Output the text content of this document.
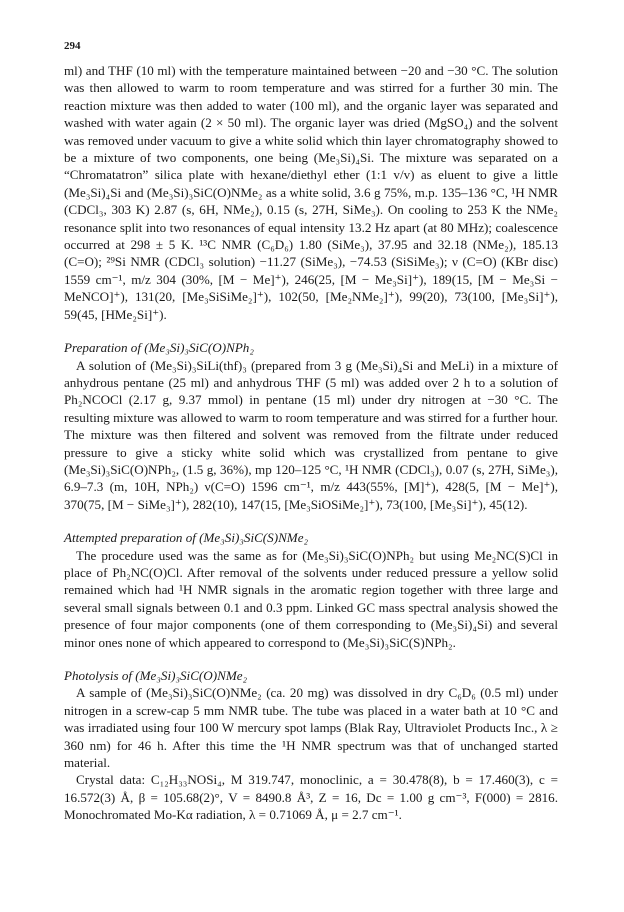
294

ml) and THF (10 ml) with the temperature maintained between −20 and −30 °C. The solution was then allowed to warm to room temperature and was stirred for a further 30 min. The reaction mixture was then added to water (100 ml), and the organic layer was separated and washed with water again (2 × 50 ml). The organic layer was dried (MgSO₄) and the solvent was removed under vacuum to give a white solid which thin layer chromatography showed to be a mixture of two components, one being (Me₃Si)₄Si. The mixture was separated on a “Chromatatron” silica plate with hexane/diethyl ether (1:1 v/v) as eluent to give a little (Me₃Si)₄Si and (Me₃Si)₃SiC(O)NMe₂ as a white solid, 3.6 g 75%, m.p. 135–136 °C, ¹H NMR (CDCl₃, 303 K) 2.87 (s, 6H, NMe₂), 0.15 (s, 27H, SiMe₃). On cooling to 253 K the NMe₂ resonance split into two resonances of equal intensity 13.2 Hz apart (at 80 MHz); coalescence occurred at 298 ± 5 K. ¹³C NMR (C₆D₆) 1.80 (SiMe₃), 37.95 and 32.18 (NMe₂), 185.13 (C=O); ²⁹Si NMR (CDCl₃ solution) −11.27 (SiMe₃), −74.53 (SiSiMe₃); ν (C=O) (KBr disc) 1559 cm⁻¹, m/z 304 (30%, [M − Me]⁺), 246(25, [M − Me₃Si]⁺), 189(15, [M − Me₃Si − MeNCO]⁺), 131(20, [Me₃SiSiMe₂]⁺), 102(50, [Me₂NMe₂]⁺), 99(20), 73(100, [Me₃Si]⁺), 59(45, [HMe₂Si]⁺).

Preparation of (Me₃Si)₃SiC(O)NPh₂

A solution of (Me₃Si)₃SiLi(thf)₃ (prepared from 3 g (Me₃Si)₄Si and MeLi) in a mixture of anhydrous pentane (25 ml) and anhydrous THF (5 ml) was added over 2 h to a solution of Ph₂NCOCl (2.17 g, 9.37 mmol) in pentane (15 ml) under dry nitrogen at −30 °C. The resulting mixture was allowed to warm to room temperature and was stirred for a further hour. The mixture was then filtered and solvent was removed from the filtrate under reduced pressure to give a sticky white solid which was crystallized from pentane to give (Me₃Si)₃SiC(O)NPh₂, (1.5 g, 36%), mp 120–125 °C, ¹H NMR (CDCl₃), 0.07 (s, 27H, SiMe₃), 6.9–7.3 (m, 10H, NPh₂) ν(C=O) 1596 cm⁻¹, m/z 443(55%, [M]⁺), 428(5, [M − Me]⁺), 370(75, [M − SiMe₃]⁺), 282(10), 147(15, [Me₃SiOSiMe₂]⁺), 73(100, [Me₃Si]⁺), 45(12).

Attempted preparation of (Me₃Si)₃SiC(S)NMe₂

The procedure used was the same as for (Me₃Si)₃SiC(O)NPh₂ but using Me₂NC(S)Cl in place of Ph₂NC(O)Cl. After removal of the solvents under reduced pressure a yellow solid remained which had ¹H NMR signals in the aromatic region together with three large and several small signals between 0.1 and 0.3 ppm. Linked GC mass spectral analysis showed the presence of four major components (one of them corresponding to (Me₃Si)₄Si) and several minor ones none of which appeared to correspond to (Me₃Si)₃SiC(S)NPh₂.

Photolysis of (Me₃Si)₃SiC(O)NMe₂

A sample of (Me₃Si)₃SiC(O)NMe₂ (ca. 20 mg) was dissolved in dry C₆D₆ (0.5 ml) under nitrogen in a screw-cap 5 mm NMR tube. The tube was placed in a water bath at 10 °C and was irradiated using four 100 W mercury spot lamps (Blak Ray, Ultraviolet Products Inc., λ ≥ 360 nm) for 46 h. After this time the ¹H NMR spectrum was that of unchanged started material.

Crystal data: C₁₂H₃₃NOSi₄, M 319.747, monoclinic, a = 30.478(8), b = 17.460(3), c = 16.572(3) Å, β = 105.68(2)°, V = 8490.8 Å³, Z = 16, Dc = 1.00 g cm⁻³, F(000) = 2816. Monochromated Mo-Kα radiation, λ = 0.71069 Å, μ = 2.7 cm⁻¹.
